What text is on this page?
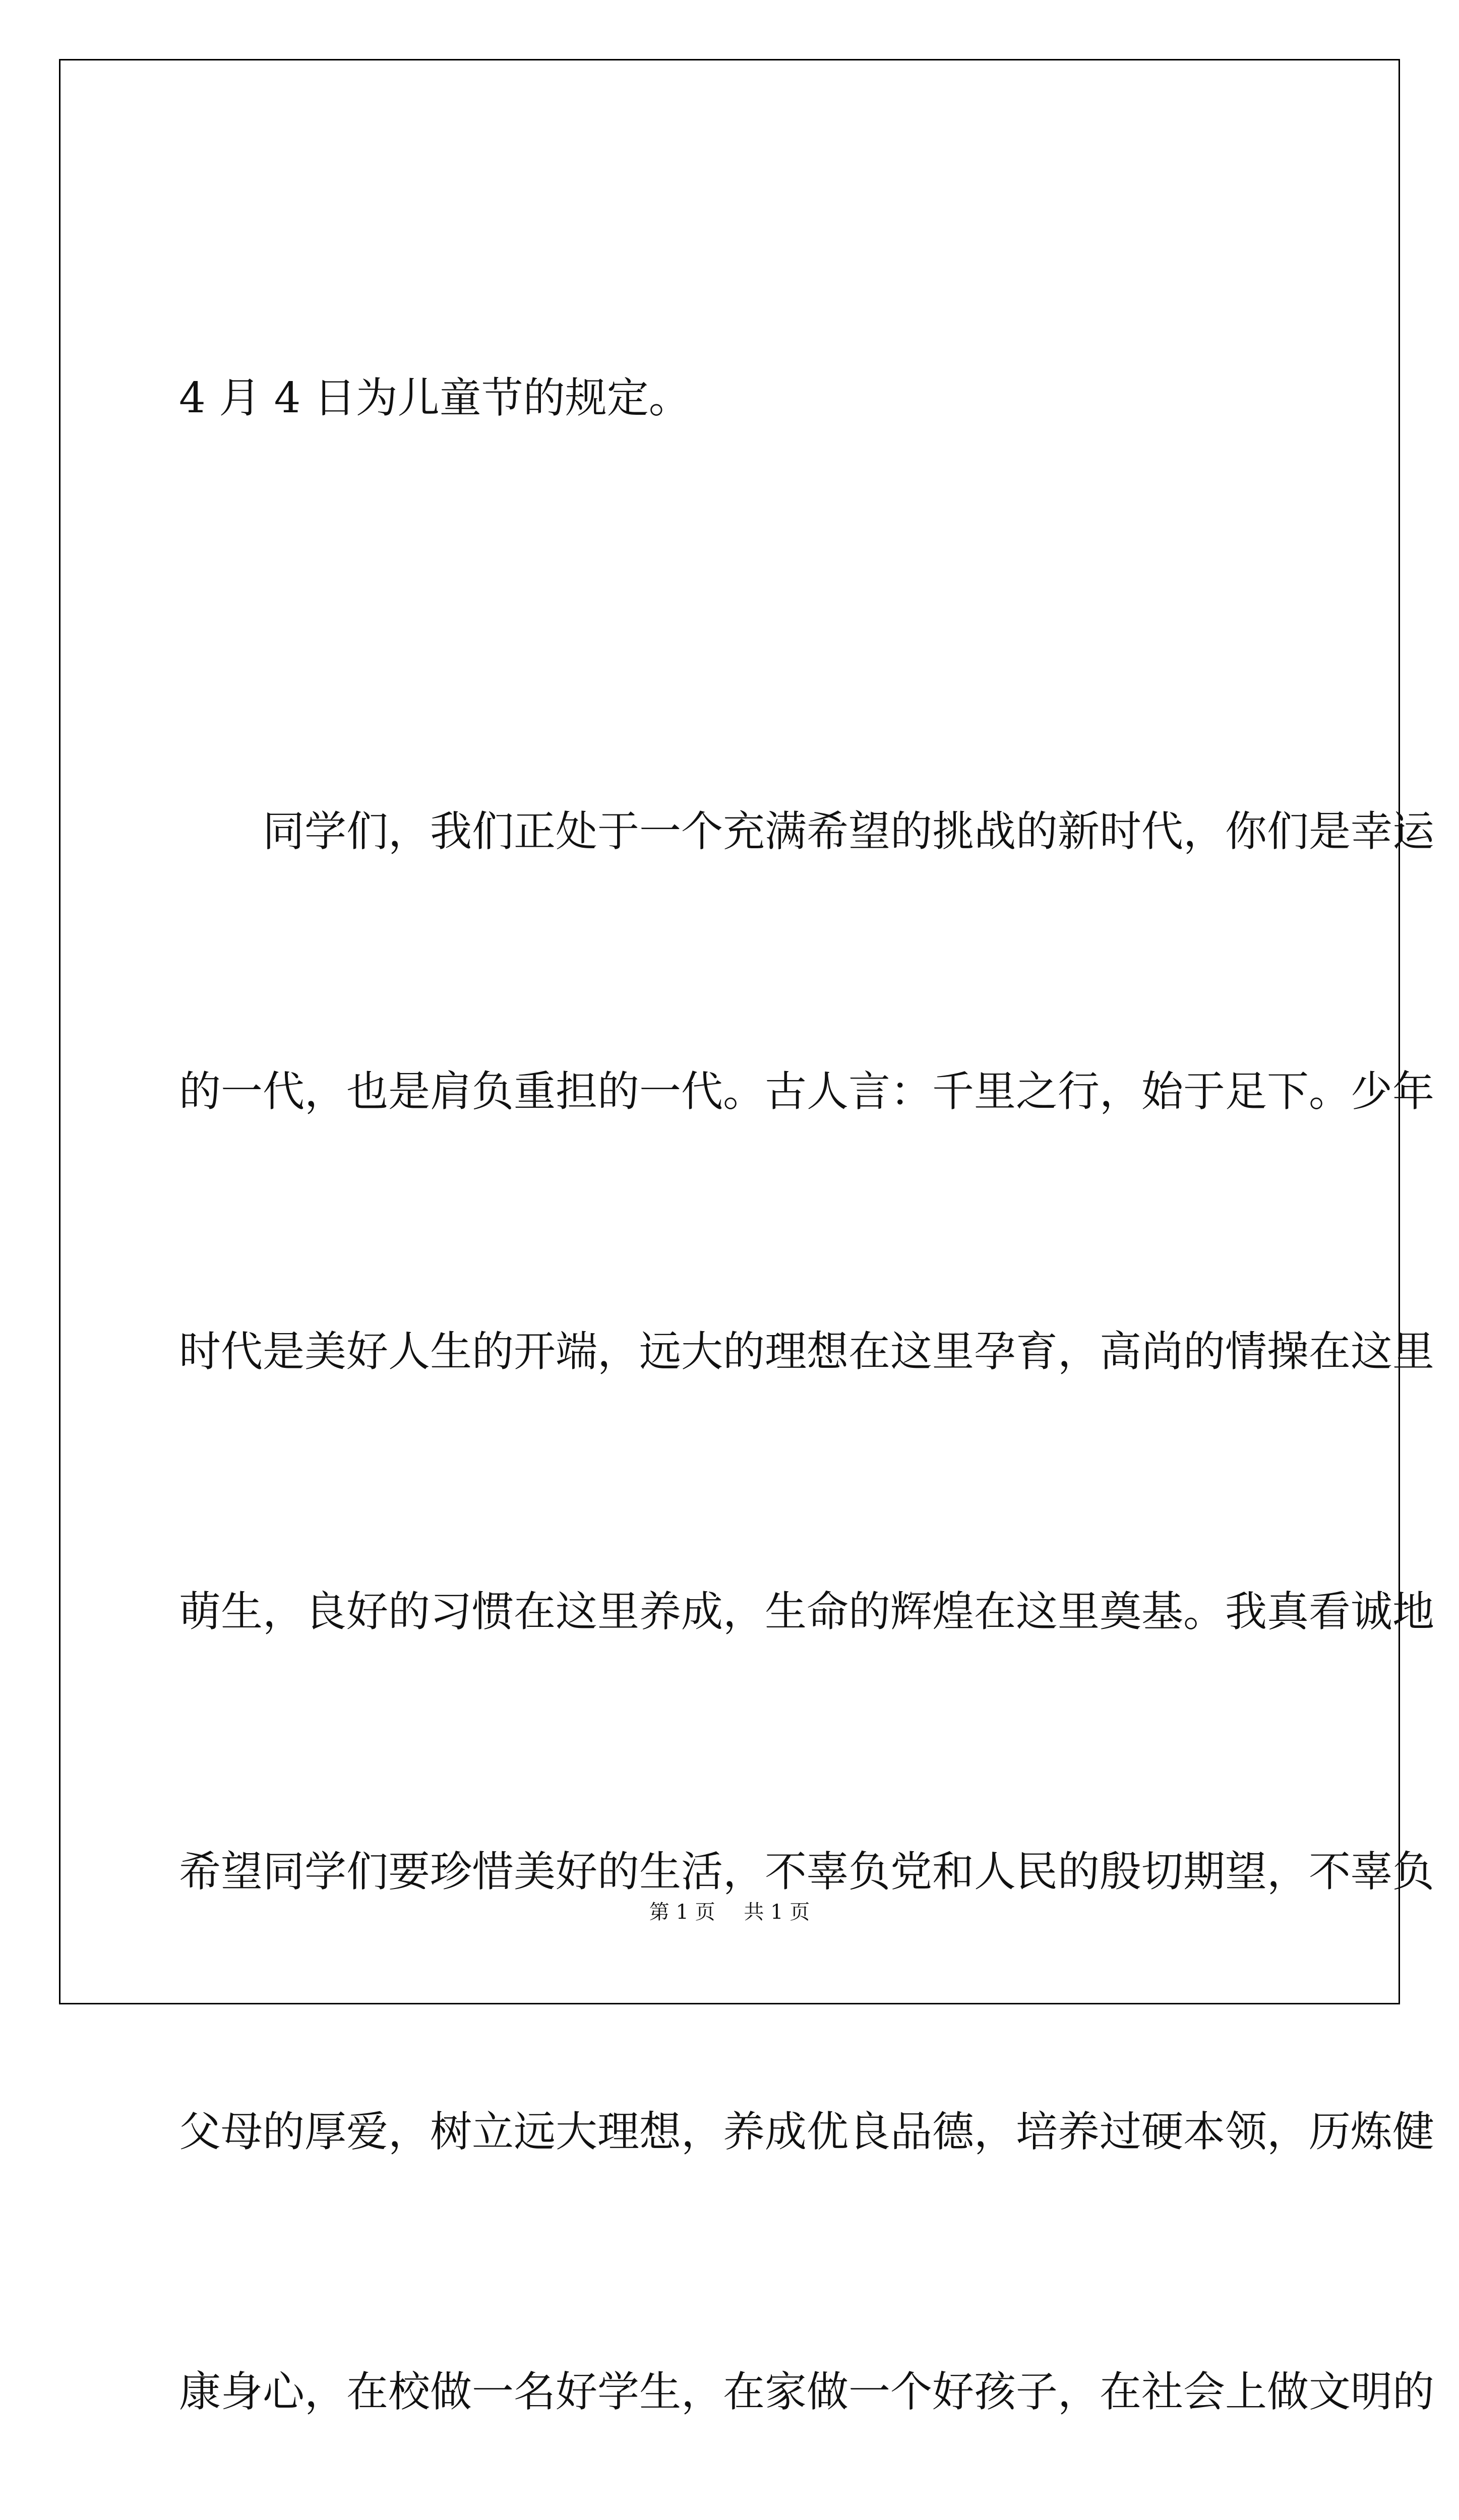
4 月 4 日为儿童节的规定。

　　同学们，我们正处于一个充满希望的挑战的新时代，你们是幸运

的一代，也是肩负重担的一代。古人言：千里之行，始于足下。少年

时代是美好人生的开端，远大的理想在这里孕育，高尚的情操在这里

萌生，良好的习惯在这里养成，生命的辉煌在这里奠基。我真看诚地

希望同学们要珍惜美好的生活，不辜负党和人民的殷切期望，不辜负

父母的厚爱，树立远大理想，养成优良品德，培养过硬本领，历炼健

康身心，在校做一名好学生，在家做一个好孩子，在社会上做文明的

第 1 页 共 1 页
